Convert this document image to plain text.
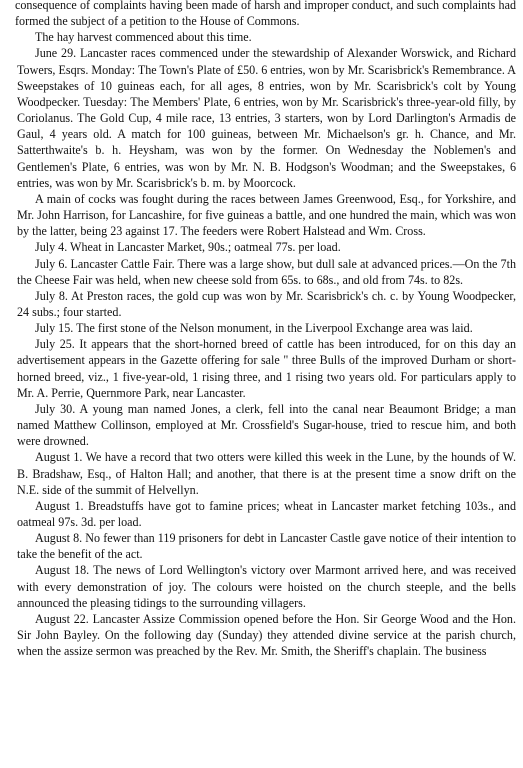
consequence of complaints having been made of harsh and improper conduct, and such complaints had formed the subject of a petition to the House of Commons.

The hay harvest commenced about this time.

June 29. Lancaster races commenced under the stewardship of Alexander Worswick, and Richard Towers, Esqrs. Monday: The Town's Plate of £50. 6 entries, won by Mr. Scarisbrick's Remembrance. A Sweepstakes of 10 guineas each, for all ages, 8 entries, won by Mr. Scarisbrick's colt by Young Woodpecker. Tuesday: The Members' Plate, 6 entries, won by Mr. Scarisbrick's three-year-old filly, by Coriolanus. The Gold Cup, 4 mile race, 13 entries, 3 starters, won by Lord Darlington's Armadis de Gaul, 4 years old. A match for 100 guineas, between Mr. Michaelson's gr. h. Chance, and Mr. Satterthwaite's b. h. Heysham, was won by the former. On Wednesday the Noblemen's and Gentlemen's Plate, 6 entries, was won by Mr. N. B. Hodgson's Woodman; and the Sweepstakes, 6 entries, was won by Mr. Scarisbrick's b. m. by Moorcock.

A main of cocks was fought during the races between James Greenwood, Esq., for Yorkshire, and Mr. John Harrison, for Lancashire, for five guineas a battle, and one hundred the main, which was won by the latter, being 23 against 17. The feeders were Robert Halstead and Wm. Cross.

July 4. Wheat in Lancaster Market, 90s.; oatmeal 77s. per load.

July 6. Lancaster Cattle Fair. There was a large show, but dull sale at advanced prices.—On the 7th the Cheese Fair was held, when new cheese sold from 65s. to 68s., and old from 74s. to 82s.

July 8. At Preston races, the gold cup was won by Mr. Scarisbrick's ch. c. by Young Woodpecker, 24 subs.; four started.

July 15. The first stone of the Nelson monument, in the Liverpool Exchange area was laid.

July 25. It appears that the short-horned breed of cattle has been introduced, for on this day an advertisement appears in the Gazette offering for sale " three Bulls of the improved Durham or short-horned breed, viz., 1 five-year-old, 1 rising three, and 1 rising two years old. For particulars apply to Mr. A. Perrie, Quernmore Park, near Lancaster.

July 30. A young man named Jones, a clerk, fell into the canal near Beaumont Bridge; a man named Matthew Collinson, employed at Mr. Crossfield's Sugar-house, tried to rescue him, and both were drowned.

August 1. We have a record that two otters were killed this week in the Lune, by the hounds of W. B. Bradshaw, Esq., of Halton Hall; and another, that there is at the present time a snow drift on the N.E. side of the summit of Helvellyn.

August 1. Breadstuffs have got to famine prices; wheat in Lancaster market fetching 103s., and oatmeal 97s. 3d. per load.

August 8. No fewer than 119 prisoners for debt in Lancaster Castle gave notice of their intention to take the benefit of the act.

August 18. The news of Lord Wellington's victory over Marmont arrived here, and was received with every demonstration of joy. The colours were hoisted on the church steeple, and the bells announced the pleasing tidings to the surrounding villagers.

August 22. Lancaster Assize Commission opened before the Hon. Sir George Wood and the Hon. Sir John Bayley. On the following day (Sunday) they attended divine service at the parish church, when the assize sermon was preached by the Rev. Mr. Smith, the Sheriff's chaplain. The business
